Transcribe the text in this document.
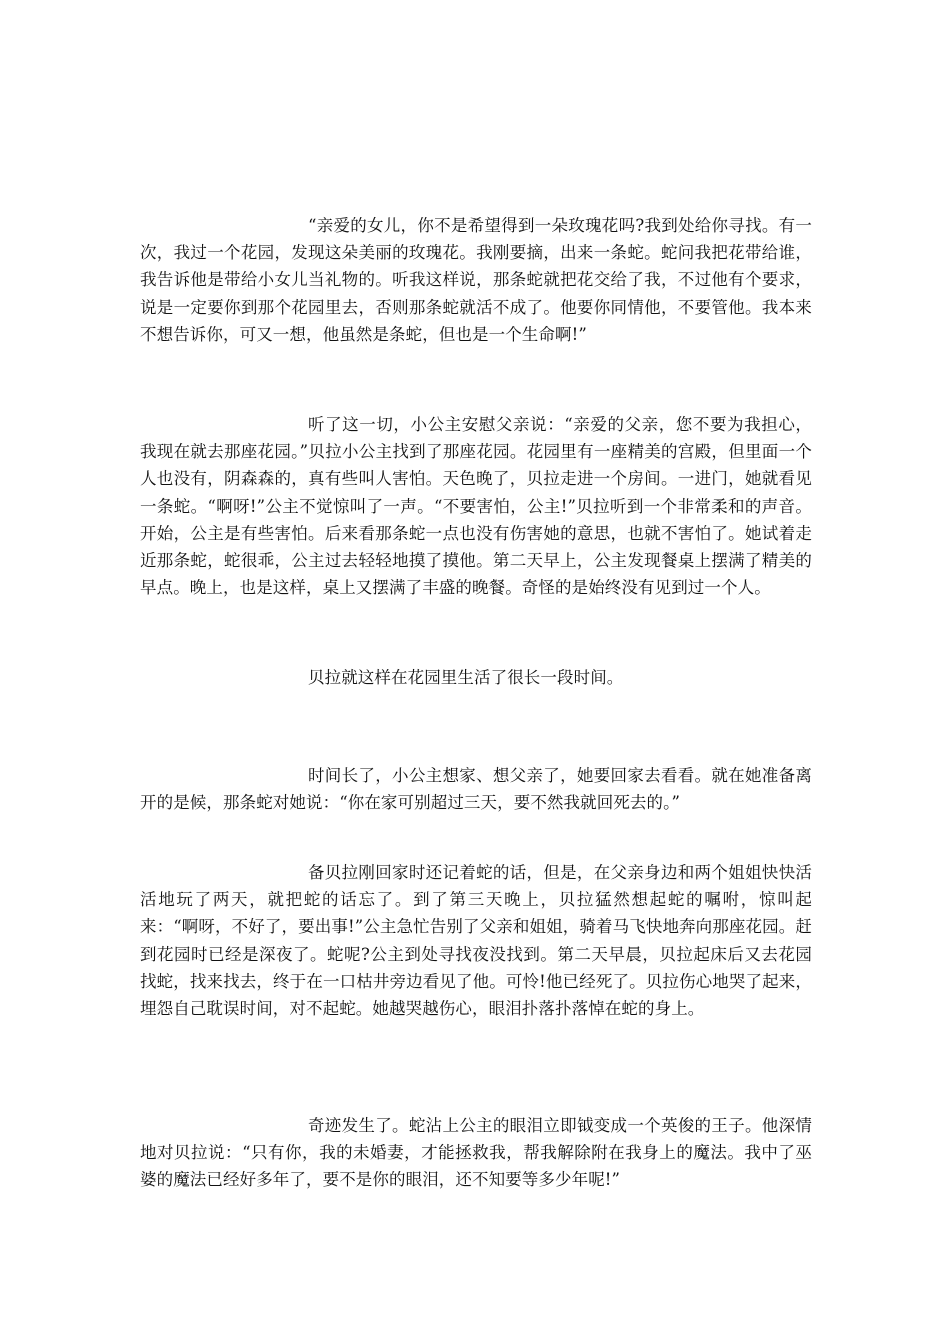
“亲爱的女儿，你不是希望得到一朵玫瑰花吗?我到处给你寻找。有一次，我过一个花园，发现这朵美丽的玫瑰花。我刚要摘，出来一条蛇。蛇问我把花带给谁，我告诉他是带给小女儿当礼物的。听我这样说，那条蛇就把花交给了我，不过他有个要求，说是一定要你到那个花园里去，否则那条蛇就活不成了。他要你同情他，不要管他。我本来不想告诉你，可又一想，他虽然是条蛇，但也是一个生命啊!”

听了这一切，小公主安慰父亲说：“亲爱的父亲，您不要为我担心，我现在就去那座花园。”贝拉小公主找到了那座花园。花园里有一座精美的宫殿，但里面一个人也没有，阴森森的，真有些叫人害怕。天色晚了，贝拉走进一个房间。一进门，她就看见一条蛇。“啊呀!”公主不觉惊叫了一声。“不要害怕，公主!”贝拉听到一个非常柔和的声音。开始，公主是有些害怕。后来看那条蛇一点也没有伤害她的意思，也就不害怕了。她试着走近那条蛇，蛇很乖，公主过去轻轻地摸了摸他。第二天早上，公主发现餐桌上摆满了精美的早点。晚上，也是这样，桌上又摆满了丰盛的晚餐。奇怪的是始终没有见到过一个人。

贝拉就这样在花园里生活了很长一段时间。

时间长了，小公主想家、想父亲了，她要回家去看看。就在她准备离开的是候，那条蛇对她说：“你在家可别超过三天，要不然我就回死去的。”

备贝拉刚回家时还记着蛇的话，但是，在父亲身边和两个姐姐快快活活地玩了两天，就把蛇的话忘了。到了第三天晚上，贝拉猛然想起蛇的嘱咐，惊叫起来：“啊呀，不好了，要出事!”公主急忙告别了父亲和姐姐，骑着马飞快地奔向那座花园。赶到花园时已经是深夜了。蛇呢?公主到处寻找夜没找到。第二天早晨，贝拉起床后又去花园找蛇，找来找去，终于在一口枯井旁边看见了他。可怜!他已经死了。贝拉伤心地哭了起来，埋怨自己耽误时间，对不起蛇。她越哭越伤心，眼泪扑落扑落悼在蛇的身上。

奇迹发生了。蛇沾上公主的眼泪立即钺变成一个英俊的王子。他深情地对贝拉说：“只有你，我的未婚妻，才能拯救我，帮我解除附在我身上的魔法。我中了巫婆的魔法已经好多年了，要不是你的眼泪，还不知要等多少年呢!”
